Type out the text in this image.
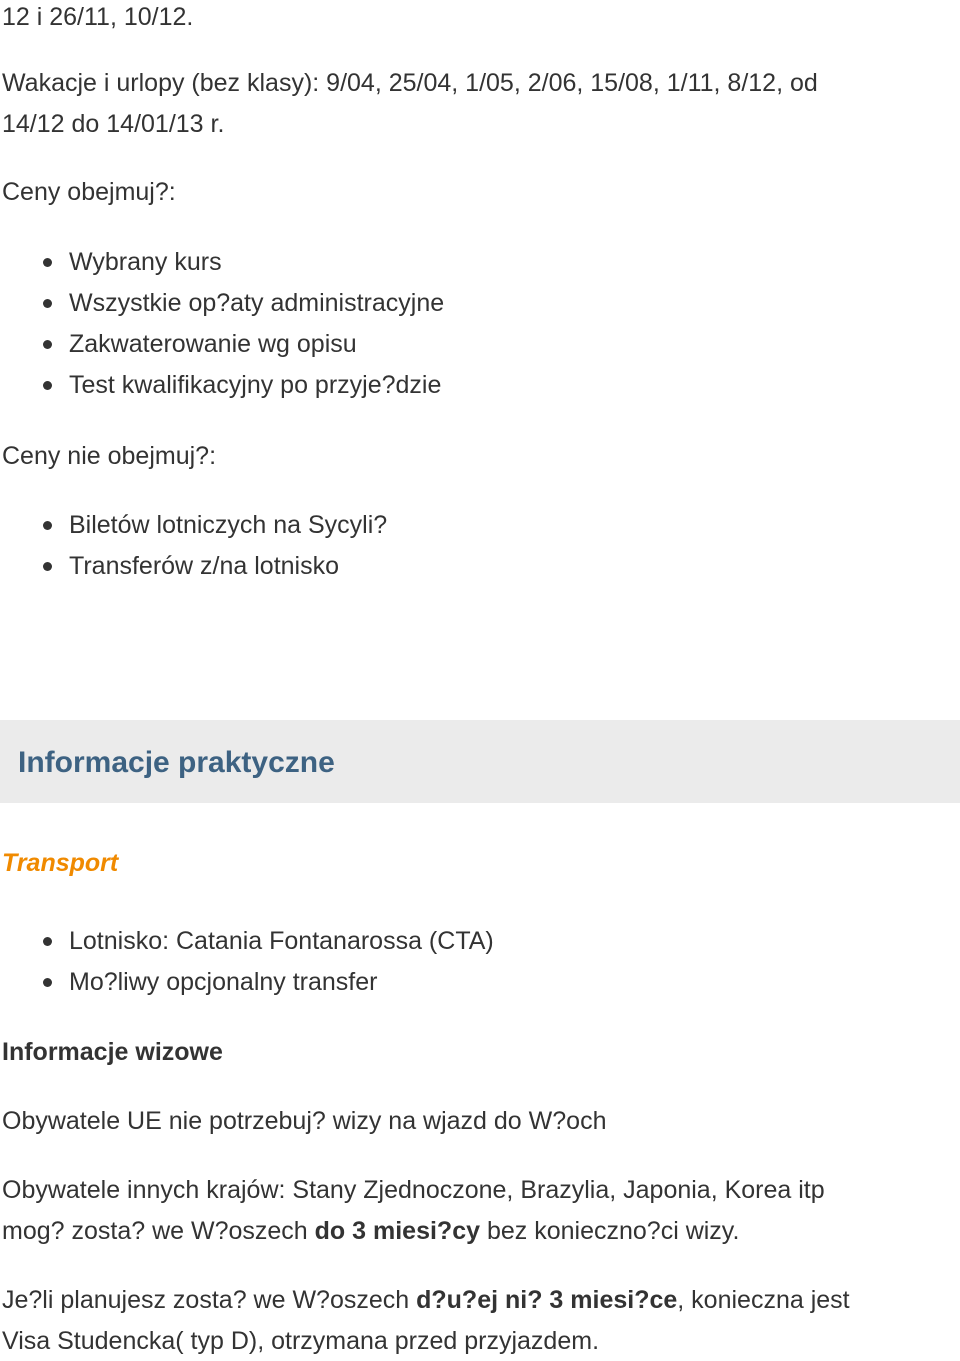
12 i 26/11, 10/12.
Wakacje i urlopy (bez klasy): 9/04, 25/04, 1/05, 2/06, 15/08, 1/11, 8/12, od
14/12 do 14/01/13 r.
Ceny obejmuj?:
Wybrany kurs
Wszystkie op?aty administracyjne
Zakwaterowanie wg opisu
Test kwalifikacyjny po przyje?dzie
Ceny nie obejmuj?:
Biletów lotniczych na Sycyli?
Transferów z/na lotnisko
Informacje praktyczne
Transport
Lotnisko: Catania Fontanarossa (CTA)
Mo?liwy opcjonalny transfer
Informacje wizowe
Obywatele UE nie potrzebuj? wizy na wjazd do W?och
Obywatele innych krajów: Stany Zjednoczone, Brazylia, Japonia, Korea itp
mog? zosta? we W?oszech do 3 miesi?cy bez konieczno?ci wizy.
Je?li planujesz zosta? we W?oszech d?u?ej ni? 3 miesi?ce, konieczna jest
Visa Studencka( typ D), otrzymana przed przyjazdem.
